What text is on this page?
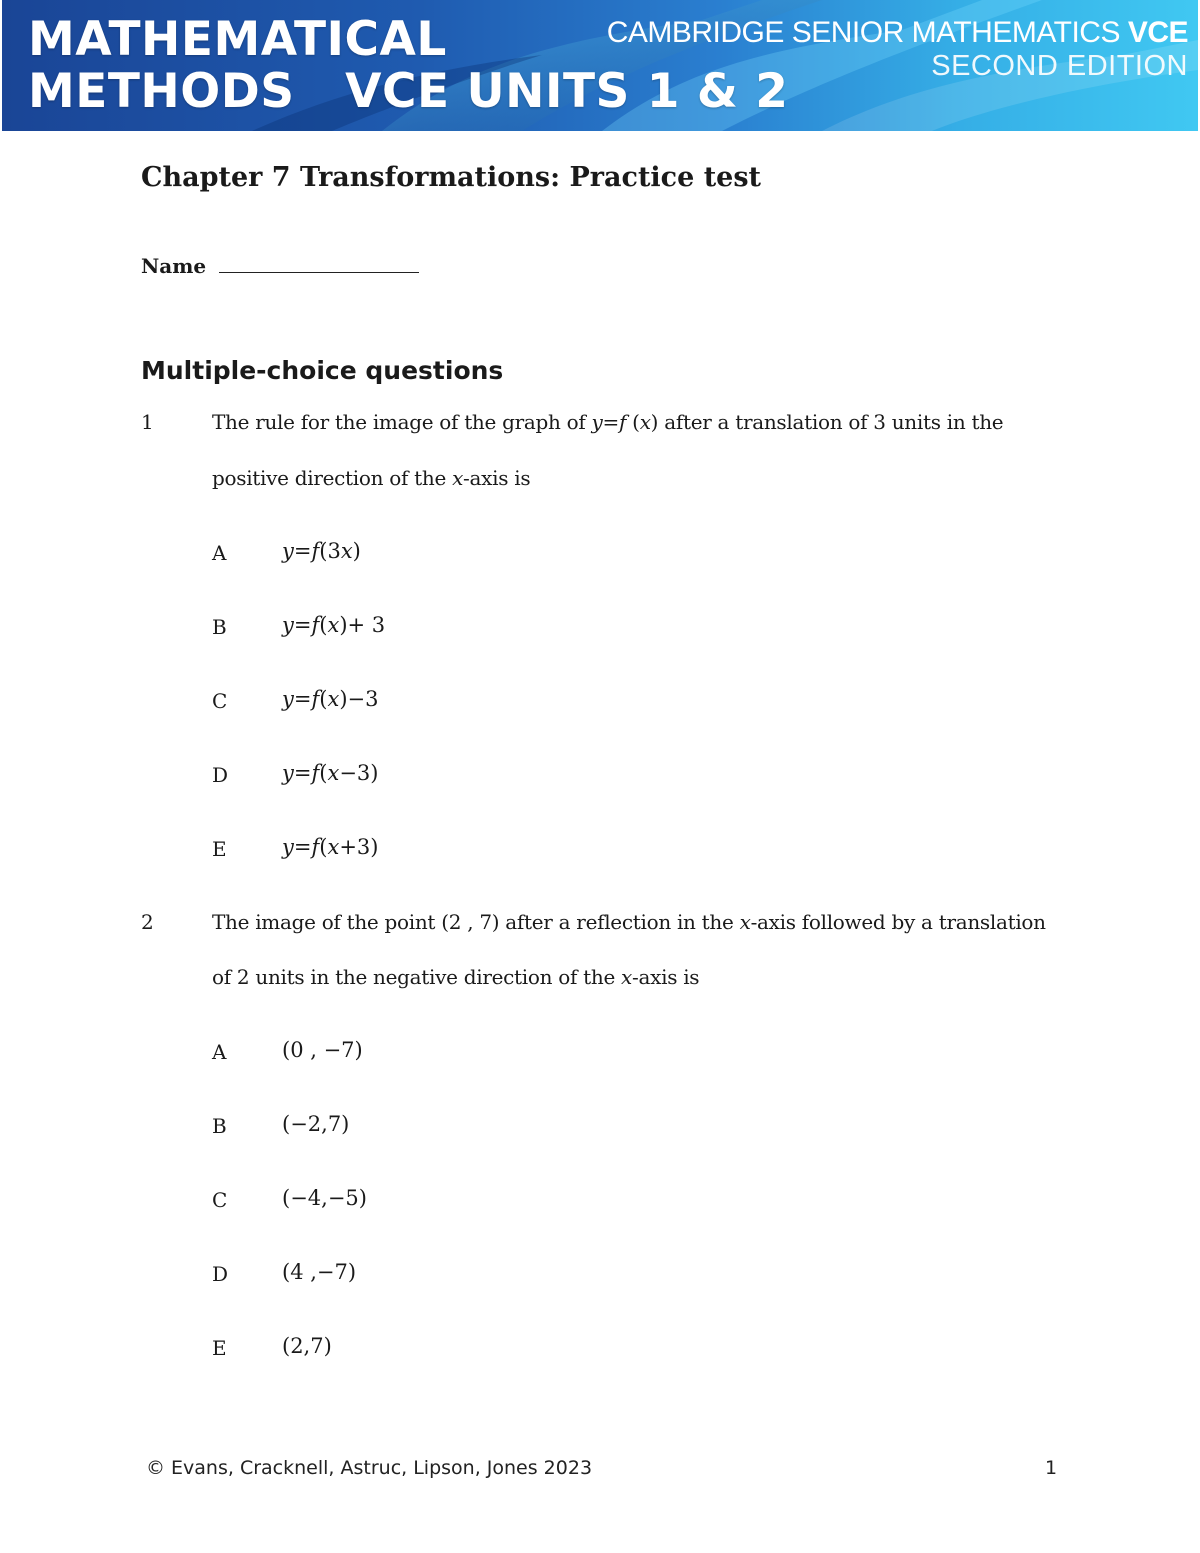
MATHEMATICAL
METHODS   VCE UNITS 1 & 2
CAMBRIDGE SENIOR MATHEMATICS VCE
SECOND EDITION
Chapter 7 Transformations: Practice test
Name
Multiple-choice questions
1	The rule for the image of the graph of y=f (x) after a translation of 3 units in the
positive direction of the x-axis is
A	y=f(3x)
B	y=f(x)+ 3
C	y=f(x)−3
D	y=f(x−3)
E	y=f(x+3)
2	The image of the point (2 , 7) after a reflection in the x-axis followed by a translation
of 2 units in the negative direction of the x-axis is
A	(0 , −7)
B	(−2,7)
C	(−4,−5)
D	(4 ,−7)
E	(2,7)
© Evans, Cracknell, Astruc, Lipson, Jones 2023	1
